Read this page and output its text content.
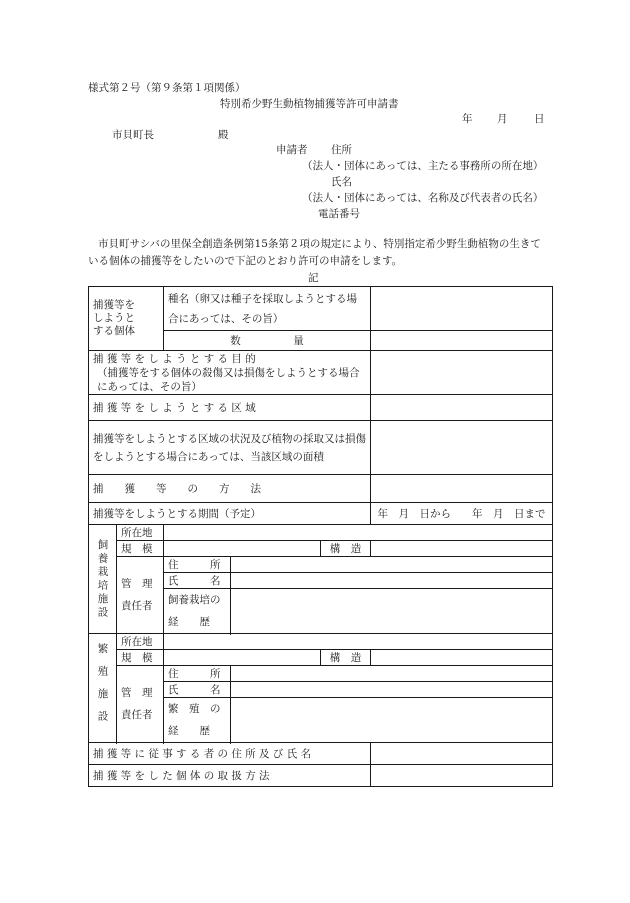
様式第２号（第９条第１項関係）
特別希少野生動植物捕獲等許可申請書
年 月	日
市貝町長	殿
申請者 住所
（法人・団体にあっては、主たる事務所の所在地）
氏名
（法人・団体にあっては、名称及び代表者の氏名）
電話番号
市貝町サシバの里保全創造条例第15条第２項の規定により、特別指定希少野生動植物の生きている個体の捕獲等をしたいので下記のとおり許可の申請をします。
記
捕獲等をしようとする個体		種名（卵又は種子を採取しようとする場合にあっては、その旨）			

		数　　　　　量			

捕 獲 等 を し よ う と す る 目 的
（捕獲等をする個体の殺傷又は損傷をしようとする場合にあっては、その旨）					

捕 獲 等 を し よ う と す る 区 域					

捕獲等をしようとする区域の状況及び植物の採取又は損傷をしようとする場合にあっては、当該区域の面積					

捕　　獲　　等　　の　　方　　法					
捕獲等をしようとする期間（予定）					年　月　日から　　年　月　日まで

飼養栽培施設	所在地				
	規　模			構　造	

	管　理　責任者	住　　　所			
		氏　　　名			

		飼養栽培の経　　歴			

繁殖施設	所在地				
	規　模			構　造	

	管　理　責任者	住　　　所			
		氏　　　名			

		繁　殖　の経　　歴			

捕 獲 等 に 従 事 す る 者 の 住 所 及 び 氏 名					
捕 獲 等 を し た 個 体 の 取 扱 方 法					
